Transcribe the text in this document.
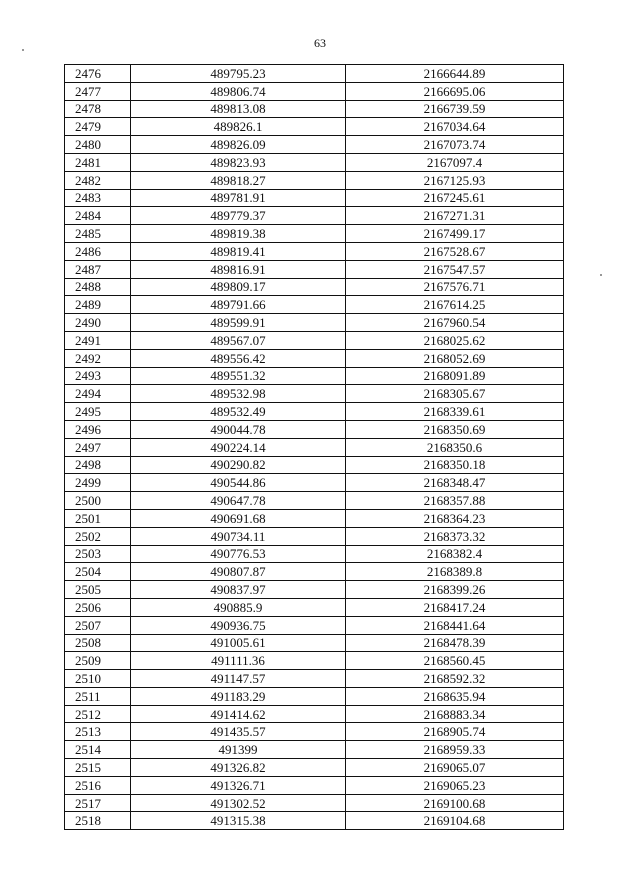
63
2476	489795.23	2166644.89
2477	489806.74	2166695.06
2478	489813.08	2166739.59
2479	489826.1	2167034.64
2480	489826.09	2167073.74
2481	489823.93	2167097.4
2482	489818.27	2167125.93
2483	489781.91	2167245.61
2484	489779.37	2167271.31
2485	489819.38	2167499.17
2486	489819.41	2167528.67
2487	489816.91	2167547.57
2488	489809.17	2167576.71
2489	489791.66	2167614.25
2490	489599.91	2167960.54
2491	489567.07	2168025.62
2492	489556.42	2168052.69
2493	489551.32	2168091.89
2494	489532.98	2168305.67
2495	489532.49	2168339.61
2496	490044.78	2168350.69
2497	490224.14	2168350.6
2498	490290.82	2168350.18
2499	490544.86	2168348.47
2500	490647.78	2168357.88
2501	490691.68	2168364.23
2502	490734.11	2168373.32
2503	490776.53	2168382.4
2504	490807.87	2168389.8
2505	490837.97	2168399.26
2506	490885.9	2168417.24
2507	490936.75	2168441.64
2508	491005.61	2168478.39
2509	491111.36	2168560.45
2510	491147.57	2168592.32
2511	491183.29	2168635.94
2512	491414.62	2168883.34
2513	491435.57	2168905.74
2514	491399	2168959.33
2515	491326.82	2169065.07
2516	491326.71	2169065.23
2517	491302.52	2169100.68
2518	491315.38	2169104.68
